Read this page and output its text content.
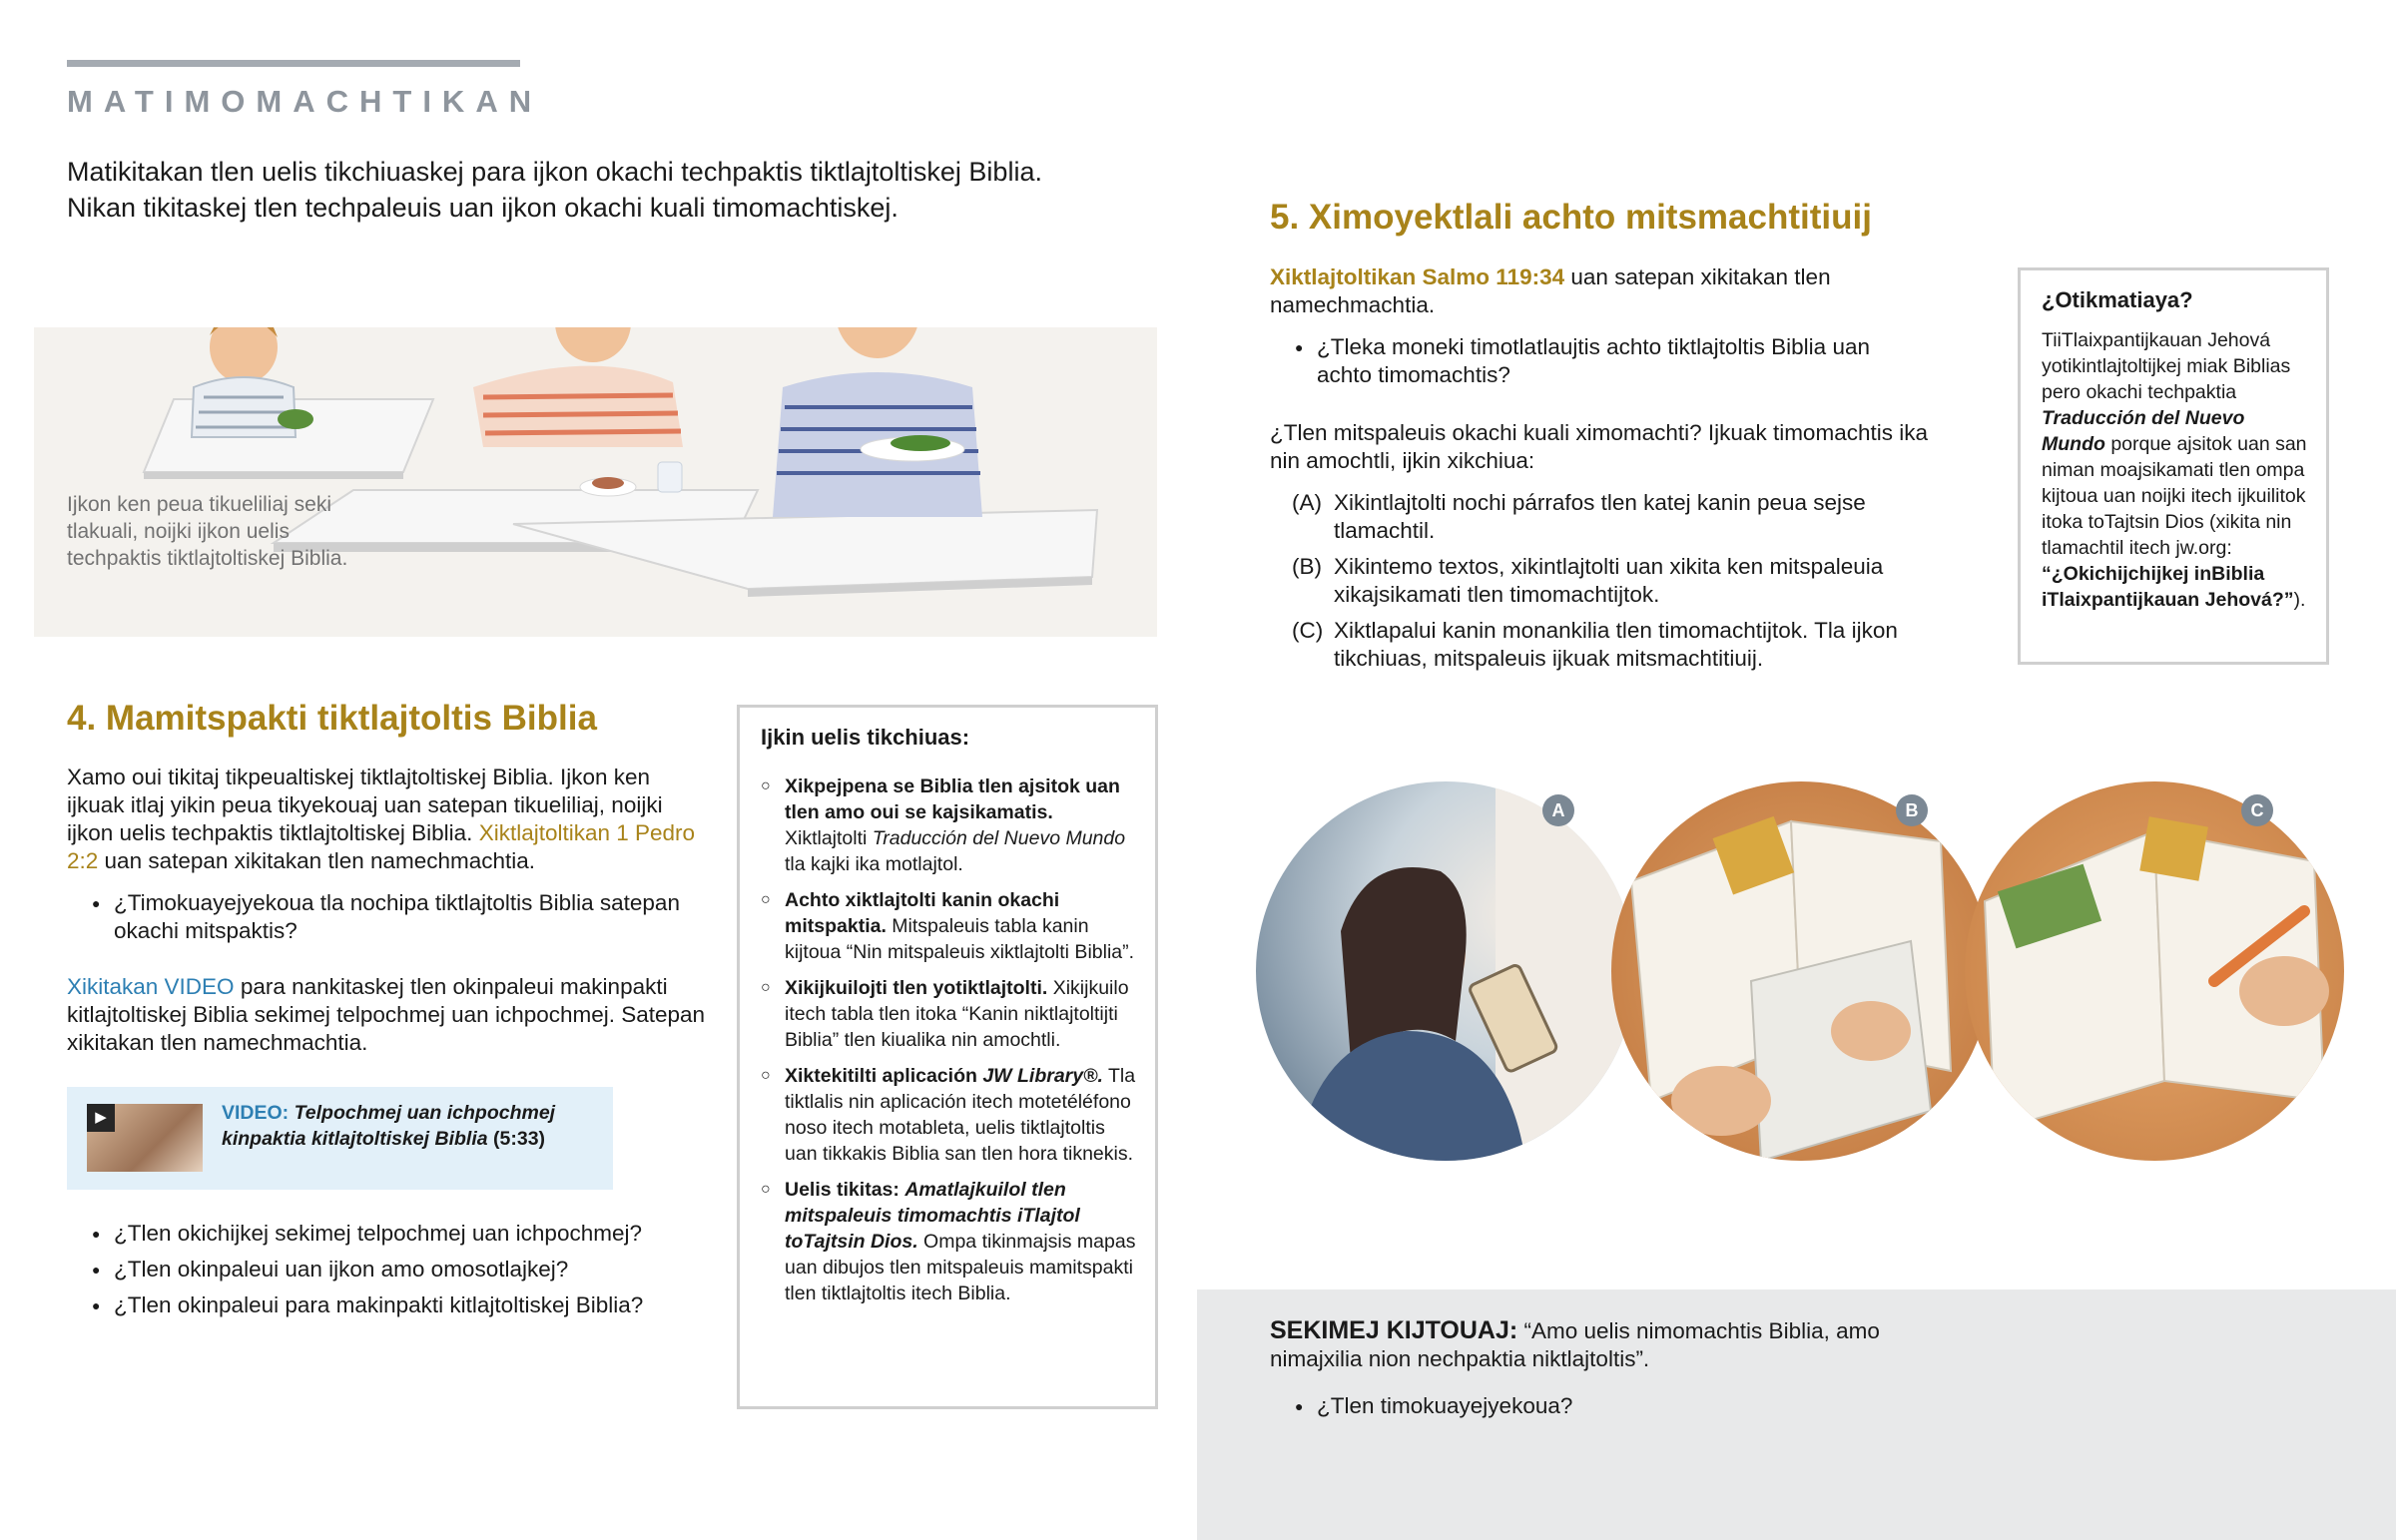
MATIMOMACHTIKAN
Matikitakan tlen uelis tikchiuaskej para ijkon okachi techpaktis tiktlajtoltiskej Biblia.
Nikan tikitaskej tlen techpaleuis uan ijkon okachi kuali timomachtiskej.
Ijkon ken peua tikueliliaj seki tlakuali, noijki ijkon uelis techpaktis tiktlajtoltiskej Biblia.
4. Mamitspakti tiktlajtoltis Biblia
Xamo oui tikitaj tikpeualtiskej tiktlajtoltiskej Biblia. Ijkon ken ijkuak itlaj yikin peua tikyekouaj uan satepan tikueliliaj, noijki ijkon uelis techpaktis tiktlajtoltiskej Biblia. Xiktlajtoltikan 1 Pedro 2:2 uan satepan xikitakan tlen namechmachtia.
● ¿Timokuayejyekoua tla nochipa tiktlajtoltis Biblia satepan okachi mitspaktis?
Xikitakan VIDEO para nankitaskej tlen okinpaleui makinpakti kitlajtoltiskej Biblia sekimej telpochmej uan ichpochmej. Satepan xikitakan tlen namechmachtia.
▶	VIDEO: Telpochmej uan ichpochmej kinpaktia kitlajtoltiskej Biblia (5:33)
● ¿Tlen okichijkej sekimej telpochmej uan ichpochmej?
● ¿Tlen okinpaleui uan ijkon amo omosotlajkej?
● ¿Tlen okinpaleui para makinpakti kitlajtoltiskej Biblia?
Ijkin uelis tikchiuas:
○ Xikpejpena se Biblia tlen ajsitok uan tlen amo oui se kajsikamatis. Xiktlajtolti Traducción del Nuevo Mundo tla kajki ika motlajtol.
○ Achto xiktlajtolti kanin okachi mitspaktia. Mitspaleuis tabla kanin kijtoua “Nin mitspaleuis xiktlajtolti Biblia”.
○ Xikijkuilojti tlen yotiktlajtolti. Xikijkuilo itech tabla tlen itoka “Kanin niktlajtoltijti Biblia” tlen kiualika nin amochtli.
○ Xiktekitilti aplicación JW Library®. Tla tiktlalis nin aplicación itech motetéléfono noso itech motableta, uelis tiktlajtoltis uan tikkakis Biblia san tlen hora tiknekis.
○ Uelis tikitas: Amatlajkuilol tlen mitspaleuis timomachtis iTlajtol toTajtsin Dios. Ompa tikinmajsis mapas uan dibujos tlen mitspaleuis mamitspakti tlen tiktlajtoltis itech Biblia.
5. Ximoyektlali achto mitsmachtitiuij
Xiktlajtoltikan Salmo 119:34 uan satepan xikitakan tlen namechmachtia.
● ¿Tleka moneki timotlatlaujtis achto tiktlajtoltis Biblia uan achto timomachtis?
¿Tlen mitspaleuis okachi kuali ximomachti? Ijkuak timomachtis ika nin amochtli, ijkin xikchiua:
(A) Xikintlajtolti nochi párrafos tlen katej kanin peua sejse tlamachtil.
(B) Xikintemo textos, xikintlajtolti uan xikita ken mitspaleuia xikajsikamati tlen timomachtijtok.
(C) Xiktlapalui kanin monankilia tlen timomachtijtok. Tla ijkon tikchiuas, mitspaleuis ijkuak mitsmachtitiuij.
¿Otikmatiaya?
TiiTlaixpantijkauan Jehová yotikintlajtoltijkej miak Biblias pero okachi techpaktia Traducción del Nuevo Mundo porque ajsitok uan san niman moajsikamati tlen ompa kijtoua uan noijki itech ijkuilitok itoka toTajtsin Dios (xikita nin tlamachtil itech jw.org: “¿Okichijchijkej inBiblia iTlaixpantijkauan Jehová?”).
A	B	C
SEKIMEJ KIJTOUAJ: “Amo uelis nimomachtis Biblia, amo nimajxilia nion nechpaktia niktlajtoltis”.
● ¿Tlen timokuayejyekoua?
